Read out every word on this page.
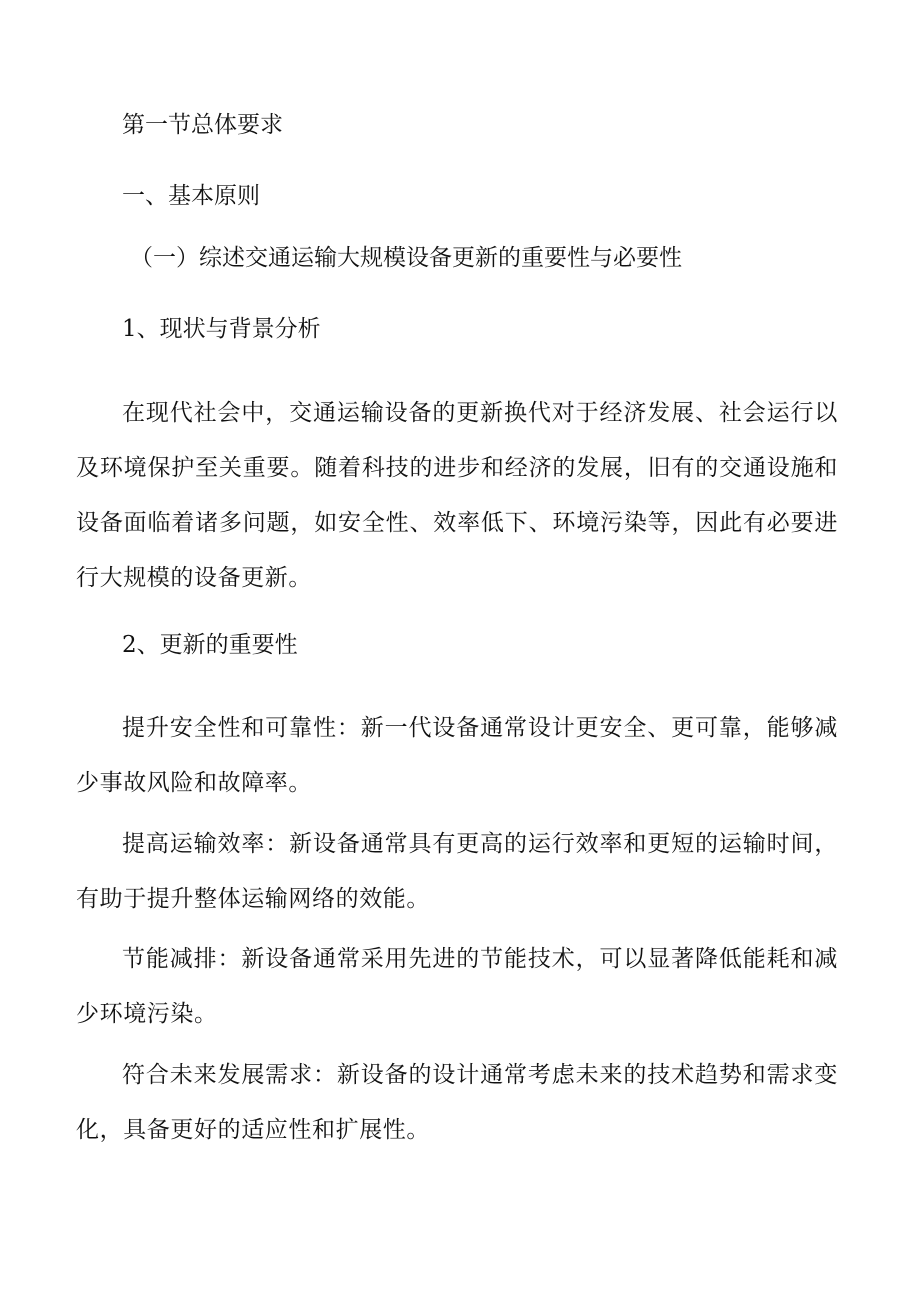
第一节总体要求

一、基本原则

（一）综述交通运输大规模设备更新的重要性与必要性

1、现状与背景分析

在现代社会中，交通运输设备的更新换代对于经济发展、社会运行以及环境保护至关重要。随着科技的进步和经济的发展，旧有的交通设施和设备面临着诸多问题，如安全性、效率低下、环境污染等，因此有必要进行大规模的设备更新。

2、更新的重要性

提升安全性和可靠性：新一代设备通常设计更安全、更可靠，能够减少事故风险和故障率。

提高运输效率：新设备通常具有更高的运行效率和更短的运输时间，有助于提升整体运输网络的效能。

节能减排：新设备通常采用先进的节能技术，可以显著降低能耗和减少环境污染。

符合未来发展需求：新设备的设计通常考虑未来的技术趋势和需求变化，具备更好的适应性和扩展性。
